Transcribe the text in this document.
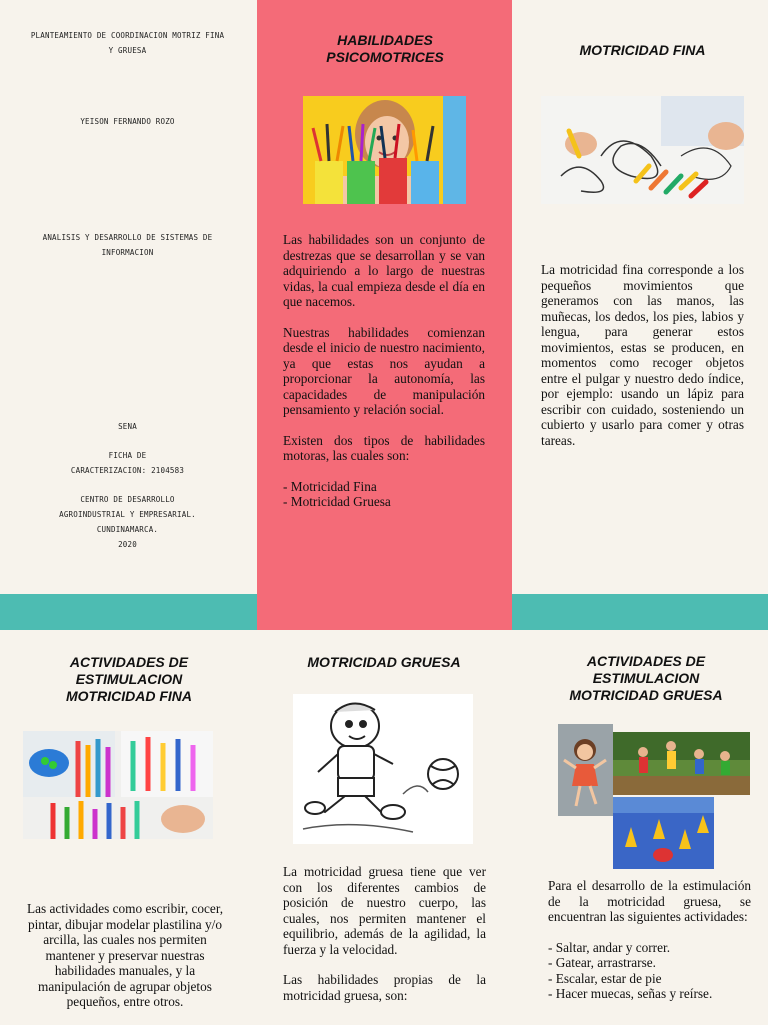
PLANTEAMIENTO DE COORDINACION MOTRIZ FINA
Y GRUESA
YEISON FERNANDO ROZO
ANALISIS Y DESARROLLO DE SISTEMAS DE
INFORMACION
SENA
FICHA DE
CARACTERIZACION: 2104583
CENTRO DE DESARROLLO
AGROINDUSTRIAL Y EMPRESARIAL.
CUNDINAMARCA.
2020
HABILIDADES
PSICOMOTRICES

Las habilidades son un conjunto de destrezas que se desarrollan y se van adquiriendo a lo largo de nuestras vidas, la cual empieza desde el día en que nacemos.

Nuestras habilidades comienzan desde el inicio de nuestro nacimiento, ya que estas nos ayudan a proporcionar la autonomía, las capacidades de manipulación pensamiento y relación social.

Existen dos tipos de habilidades motoras, las cuales son:

- Motricidad Fina
- Motricidad Gruesa
MOTRICIDAD FINA

La motricidad fina corresponde a los pequeños movimientos que generamos con las manos, las muñecas, los dedos, los pies, labios y lengua, para generar estos movimientos, estas se producen, en momentos como recoger objetos entre el pulgar y nuestro dedo índice, por ejemplo: usando un lápiz para escribir con cuidado, sosteniendo un cubierto y usarlo para comer y otras tareas.

ACTIVIDADES DE
ESTIMULACION
MOTRICIDAD FINA

Las actividades como escribir, cocer, pintar, dibujar modelar plastilina y/o arcilla, las cuales nos permiten mantener y preservar nuestras habilidades manuales, y la manipulación de agrupar objetos pequeños, entre otros.

MOTRICIDAD GRUESA

La motricidad gruesa tiene que ver con los diferentes cambios de posición de nuestro cuerpo, las cuales, nos permiten mantener el equilibrio, además de la agilidad, la fuerza y la velocidad.

Las habilidades propias de la motricidad gruesa, son:

ACTIVIDADES DE
ESTIMULACION
MOTRICIDAD GRUESA

Para el desarrollo de la estimulación de la motricidad gruesa, se encuentran las siguientes actividades:

- Saltar, andar y correr.
- Gatear, arrastrarse.
- Escalar, estar de pie
- Hacer muecas, señas y reírse.
